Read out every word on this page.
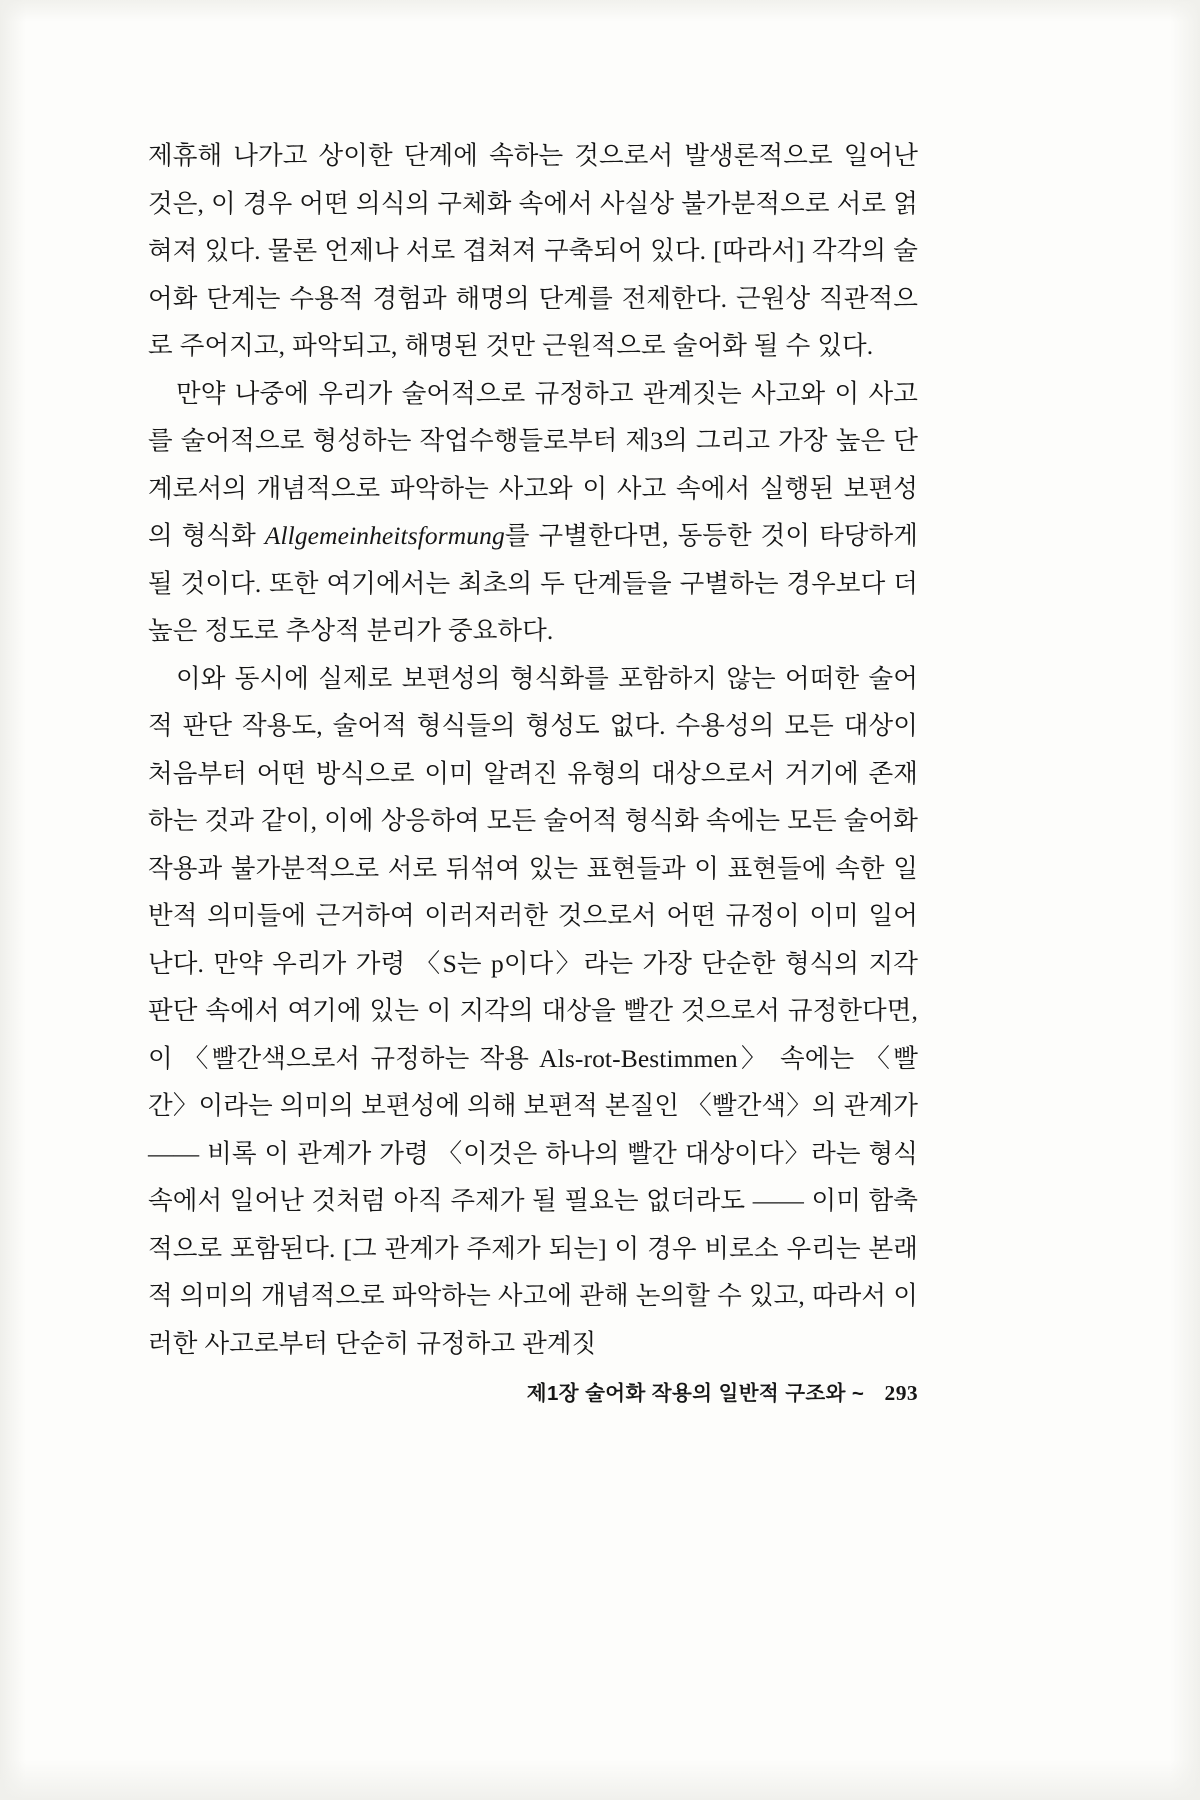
제휴해 나가고 상이한 단계에 속하는 것으로서 발생론적으로 일어난 것은, 이 경우 어떤 의식의 구체화 속에서 사실상 불가분적으로 서로 얽혀져 있다. 물론 언제나 서로 겹쳐져 구축되어 있다. [따라서] 각각의 술어화 단계는 수용적 경험과 해명의 단계를 전제한다. 근원상 직관적으로 주어지고, 파악되고, 해명된 것만 근원적으로 술어화 될 수 있다.

만약 나중에 우리가 술어적으로 규정하고 관계짓는 사고와 이 사고를 술어적으로 형성하는 작업수행들로부터 제3의 그리고 가장 높은 단계로서의 개념적으로 파악하는 사고와 이 사고 속에서 실행된 보편성의 형식화 Allgemeinheitsformung를 구별한다면, 동등한 것이 타당하게 될 것이다. 또한 여기에서는 최초의 두 단계들을 구별하는 경우보다 더 높은 정도로 추상적 분리가 중요하다.

이와 동시에 실제로 보편성의 형식화를 포함하지 않는 어떠한 술어적 판단 작용도, 술어적 형식들의 형성도 없다. 수용성의 모든 대상이 처음부터 어떤 방식으로 이미 알려진 유형의 대상으로서 거기에 존재하는 것과 같이, 이에 상응하여 모든 술어적 형식화 속에는 모든 술어화 작용과 불가분적으로 서로 뒤섞여 있는 표현들과 이 표현들에 속한 일반적 의미들에 근거하여 이러저러한 것으로서 어떤 규정이 이미 일어난다. 만약 우리가 가령 〈S는 p이다〉라는 가장 단순한 형식의 지각 판단 속에서 여기에 있는 이 지각의 대상을 빨간 것으로서 규정한다면, 이 〈빨간색으로서 규정하는 작용 Als-rot-Bestimmen〉 속에는 〈빨간〉이라는 의미의 보편성에 의해 보편적 본질인 〈빨간색〉의 관계가 —— 비록 이 관계가 가령 〈이것은 하나의 빨간 대상이다〉라는 형식 속에서 일어난 것처럼 아직 주제가 될 필요는 없더라도 —— 이미 함축적으로 포함된다. [그 관계가 주제가 되는] 이 경우 비로소 우리는 본래적 의미의 개념적으로 파악하는 사고에 관해 논의할 수 있고, 따라서 이러한 사고로부터 단순히 규정하고 관계짓

제1장 술어화 작용의 일반적 구조와 ~ 293
